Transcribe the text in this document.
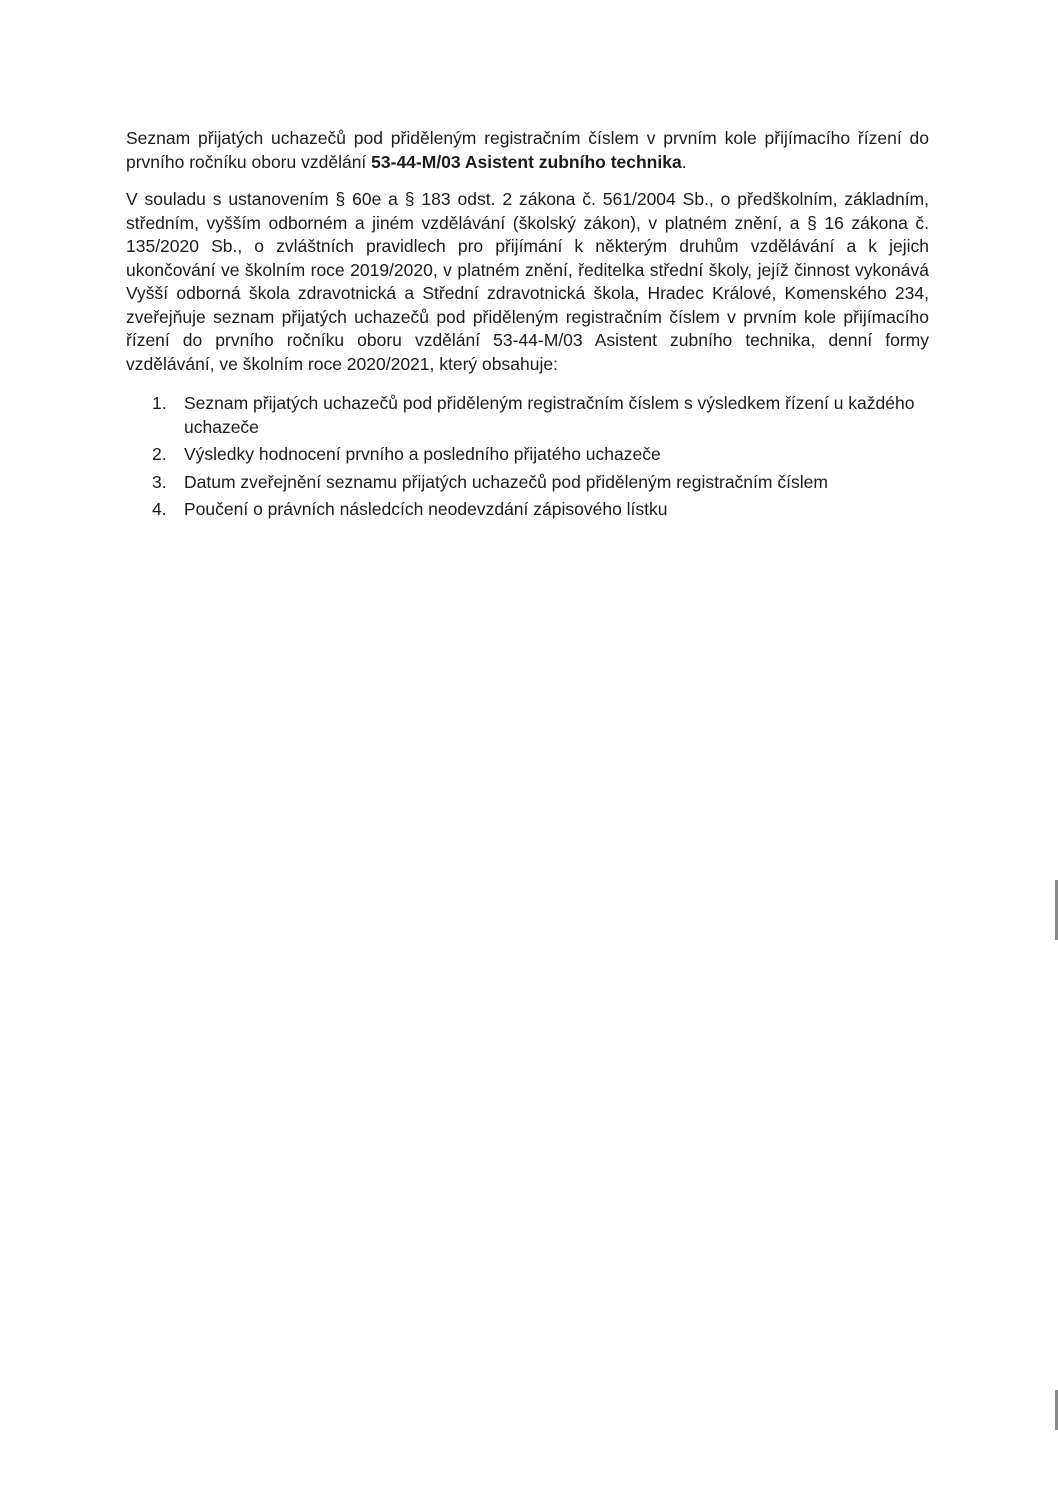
Seznam přijatých uchazečů pod přiděleným registračním číslem v prvním kole přijímacího řízení do prvního ročníku oboru vzdělání 53-44-M/03 Asistent zubního technika.

V souladu s ustanovením § 60e a § 183 odst. 2 zákona č. 561/2004 Sb., o předškolním, základním, středním, vyšším odborném a jiném vzdělávání (školský zákon), v platném znění, a § 16 zákona č. 135/2020 Sb., o zvláštních pravidlech pro přijímání k některým druhům vzdělávání a k jejich ukončování ve školním roce 2019/2020, v platném znění, ředitelka střední školy, jejíž činnost vykonává Vyšší odborná škola zdravotnická a Střední zdravotnická škola, Hradec Králové, Komenského 234, zveřejňuje seznam přijatých uchazečů pod přiděleným registračním číslem v prvním kole přijímacího řízení do prvního ročníku oboru vzdělání 53-44-M/03 Asistent zubního technika, denní formy vzdělávání, ve školním roce 2020/2021, který obsahuje:

1. Seznam přijatých uchazečů pod přiděleným registračním číslem s výsledkem řízení u každého uchazeče
2. Výsledky hodnocení prvního a posledního přijatého uchazeče
3. Datum zveřejnění seznamu přijatých uchazečů pod přiděleným registračním číslem
4. Poučení o právních následcích neodevzdání zápisového lístku
